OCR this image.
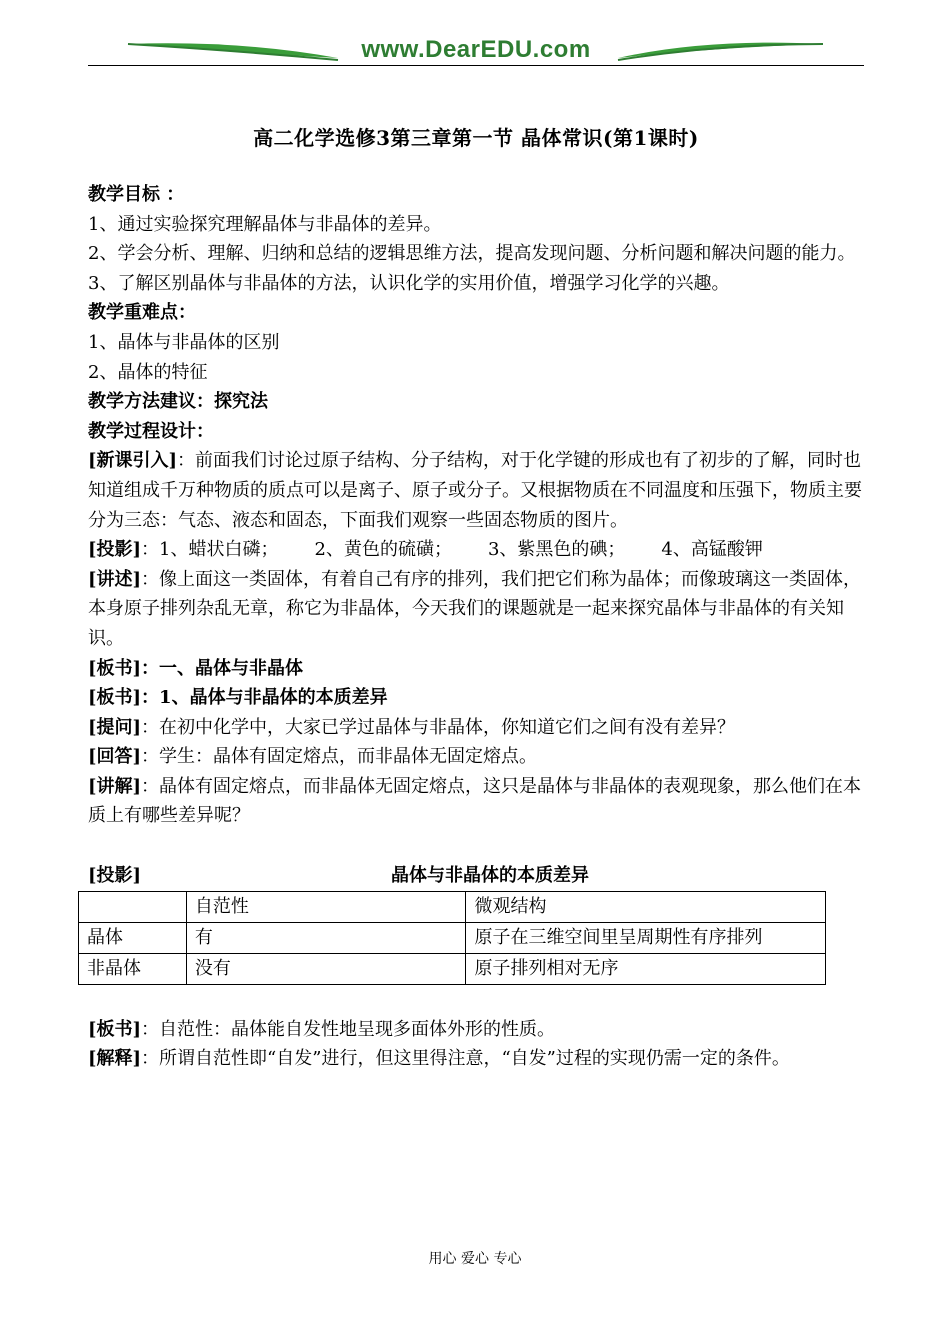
www.DearEDU.com
高二化学选修3第三章第一节 晶体常识(第1课时)

教学目标 ：

1、通过实验探究理解晶体与非晶体的差异。

2、学会分析、理解、归纳和总结的逻辑思维方法，提高发现问题、分析问题和解决问题的能力。

3、了解区别晶体与非晶体的方法，认识化学的实用价值，增强学习化学的兴趣。

教学重难点：

1、晶体与非晶体的区别

2、晶体的特征

教学方法建议：探究法

教学过程设计：

[新课引入]：前面我们讨论过原子结构、分子结构，对于化学键的形成也有了初步的了解，同时也知道组成千万种物质的质点可以是离子、原子或分子。又根据物质在不同温度和压强下，物质主要分为三态：气态、液态和固态，下面我们观察一些固态物质的图片。

[投影]：1、蜡状白磷； 2、黄色的硫磺； 3、紫黑色的碘； 4、高锰酸钾

[讲述]：像上面这一类固体，有着自己有序的排列，我们把它们称为晶体；而像玻璃这一类固体，本身原子排列杂乱无章，称它为非晶体，今天我们的课题就是一起来探究晶体与非晶体的有关知识。

[板书]：一、晶体与非晶体

[板书]：1、晶体与非晶体的本质差异

[提问]：在初中化学中，大家已学过晶体与非晶体，你知道它们之间有没有差异？

[回答]：学生：晶体有固定熔点，而非晶体无固定熔点。

[讲解]：晶体有固定熔点，而非晶体无固定熔点，这只是晶体与非晶体的表观现象，那么他们在本质上有哪些差异呢？

[投影]	晶体与非晶体的本质差异

	自范性	微观结构
晶体	有	原子在三维空间里呈周期性有序排列
非晶体	没有	原子排列相对无序

[板书]：自范性：晶体能自发性地呈现多面体外形的性质。

[解释]：所谓自范性即“自发”进行，但这里得注意，“自发”过程的实现仍需一定的条件。

用心 爱心 专心
